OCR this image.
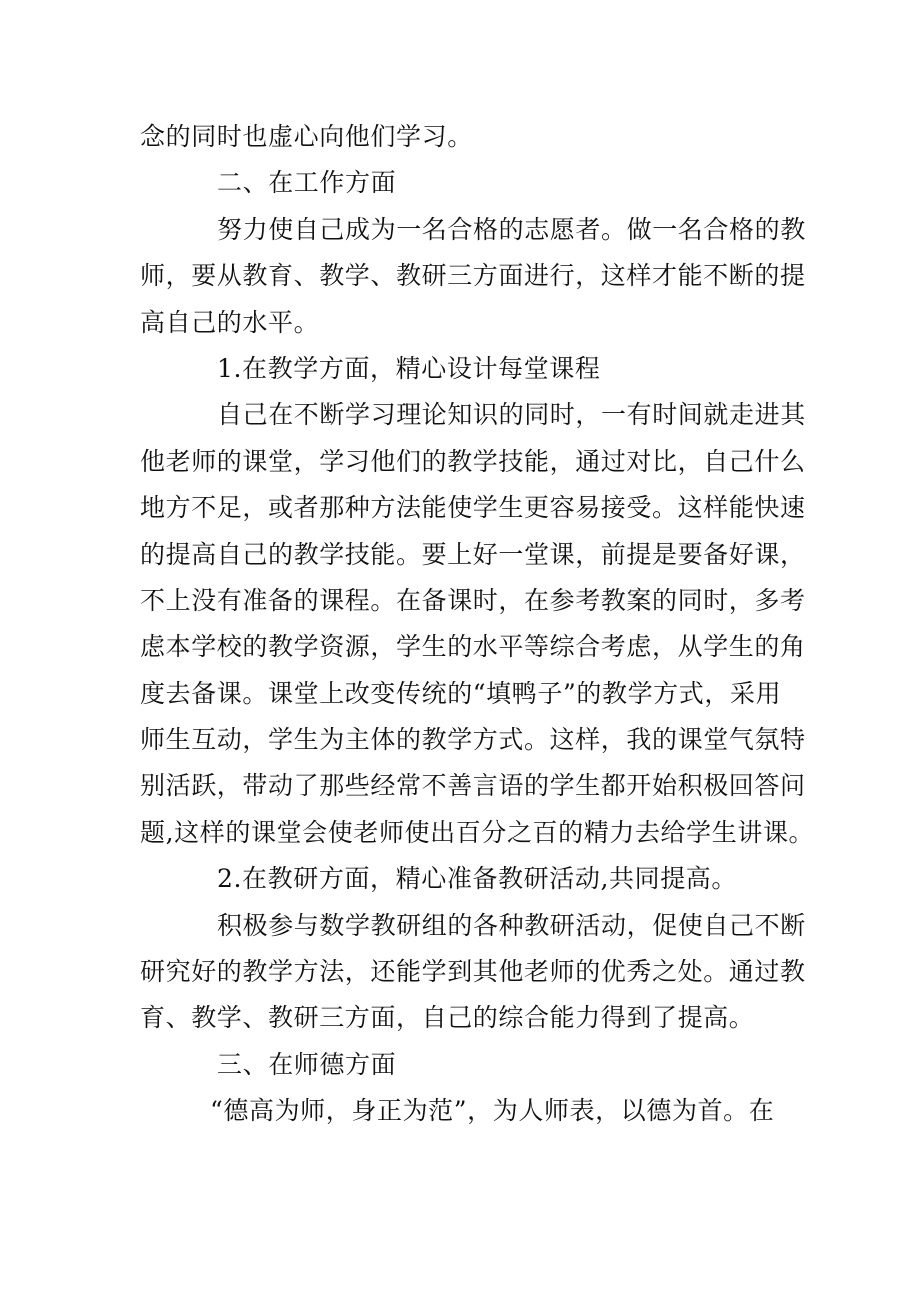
念的同时也虚心向他们学习。
二、在工作方面
努力使自己成为一名合格的志愿者。做一名合格的教
师，要从教育、教学、教研三方面进行，这样才能不断的提
高自己的水平。
1.在教学方面，精心设计每堂课程
自己在不断学习理论知识的同时，一有时间就走进其
他老师的课堂，学习他们的教学技能，通过对比，自己什么
地方不足，或者那种方法能使学生更容易接受。这样能快速
的提高自己的教学技能。要上好一堂课，前提是要备好课，
不上没有准备的课程。在备课时，在参考教案的同时，多考
虑本学校的教学资源，学生的水平等综合考虑，从学生的角
度去备课。课堂上改变传统的“填鸭子”的教学方式，采用
师生互动，学生为主体的教学方式。这样，我的课堂气氛特
别活跃，带动了那些经常不善言语的学生都开始积极回答问
题,这样的课堂会使老师使出百分之百的精力去给学生讲课。
2.在教研方面，精心准备教研活动,共同提高。
积极参与数学教研组的各种教研活动，促使自己不断
研究好的教学方法，还能学到其他老师的优秀之处。通过教
育、教学、教研三方面，自己的综合能力得到了提高。
三、在师德方面
“德高为师，身正为范”，为人师表，以德为首。在
